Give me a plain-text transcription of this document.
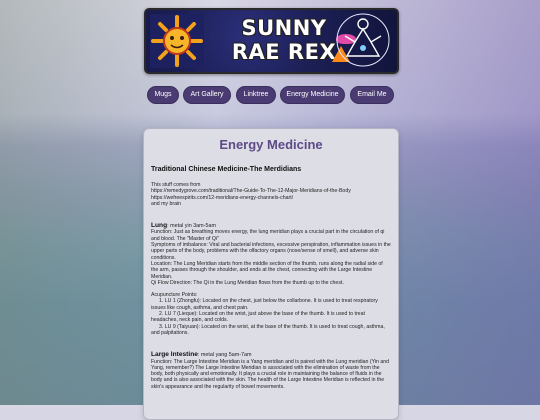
SUNNY
RAE REX
Mugs	Art Gallery	Linktree	Energy Medicine	Email Me
Energy Medicine
Traditional Chinese Medicine-The Merdidians

This stuff comes from
https://remedygrove.com/traditional/The-Guide-To-The-12-Major-Meridians-of-the-Body
https://wefreespirits.com/12-meridians-energy-channels-chart/
and my brain

Lung: metal yin 3am-5am
Function: Just as breathing moves energy, the lung meridian plays a crucial part in the circulation of qi and blood. The "Master of Qi"
Symptoms of imbalance: Viral and bacterial infections, excessive perspiration, inflammation issues in the upper parts of the body, problems with the olfactory organs (nose/sense of smell), and adverse skin conditions.
Location: The Lung Meridian starts from the middle section of the thumb, runs along the radial side of the arm, passes through the shoulder, and ends at the chest, connecting with the Large Intestine Meridian.
Qi Flow Direction: The Qi in the Lung Meridian flows from the thumb up to the chest.

Acupuncture Points:
1. LU 1 (Zhongfu): Located on the chest, just below the collarbone. It is used to treat respiratory issues like cough, asthma, and chest pain.
2. LU 7 (Lieque): Located on the wrist, just above the base of the thumb. It is used to treat headaches, neck pain, and colds.
3. LU 9 (Taiyuan): Located on the wrist, at the base of the thumb. It is used to treat cough, asthma, and palpitations.

Large Intestine: metal yang 5am-7am
Function: The Large Intestine Meridian is a Yang meridian and is paired with the Lung meridian (Yin and Yang, remember?) The Large Intestine Meridian is associated with the elimination of waste from the body, both physically and emotionally. It plays a crucial role in maintaining the balance of fluids in the body and is also associated with the skin. The health of the Large Intestine Meridian is reflected in the skin's appearance and the regularity of bowel movements.
